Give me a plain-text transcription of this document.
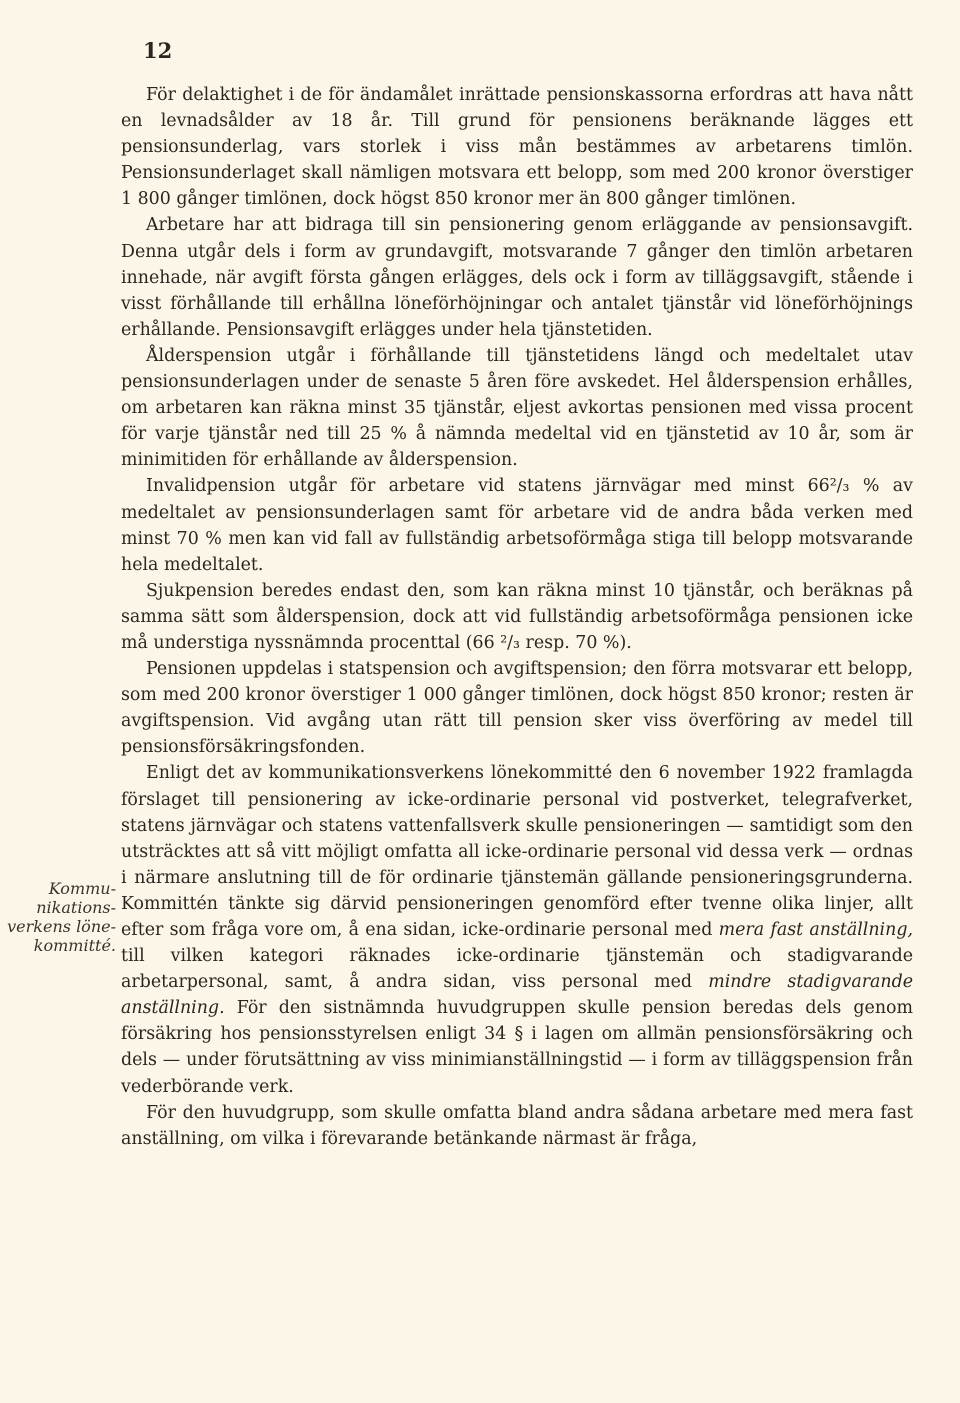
12
Kommu-nikations-verkens löne-kommitté.

För delaktighet i de för ändamålet inrättade pensionskassorna erfordras att hava nått en levnadsålder av 18 år. Till grund för pensionens beräknande lägges ett pensionsunderlag, vars storlek i viss mån bestämmes av arbetarens timlön. Pensionsunderlaget skall nämligen motsvara ett belopp, som med 200 kronor överstiger 1 800 gånger timlönen, dock högst 850 kronor mer än 800 gånger timlönen.

Arbetare har att bidraga till sin pensionering genom erläggande av pensionsavgift. Denna utgår dels i form av grundavgift, motsvarande 7 gånger den timlön arbetaren innehade, när avgift första gången erlägges, dels ock i form av tilläggsavgift, stående i visst förhållande till erhållna löneförhöjningar och antalet tjänstår vid löneförhöjnings erhållande. Pensionsavgift erlägges under hela tjänstetiden.

Ålderspension utgår i förhållande till tjänstetidens längd och medeltalet utav pensionsunderlagen under de senaste 5 åren före avskedet. Hel ålderspension erhålles, om arbetaren kan räkna minst 35 tjänstår, eljest avkortas pensionen med vissa procent för varje tjänstår ned till 25 % å nämnda medeltal vid en tjänstetid av 10 år, som är minimitiden för erhållande av ålderspension.

Invalidpension utgår för arbetare vid statens järnvägar med minst 66²/₃ % av medeltalet av pensionsunderlagen samt för arbetare vid de andra båda verken med minst 70 % men kan vid fall av fullständig arbetsoförmåga stiga till belopp motsvarande hela medeltalet.

Sjukpension beredes endast den, som kan räkna minst 10 tjänstår, och beräknas på samma sätt som ålderspension, dock att vid fullständig arbetsoförmåga pensionen icke må understiga nyssnämnda procenttal (66 ²/₃ resp. 70 %).

Pensionen uppdelas i statspension och avgiftspension; den förra motsvarar ett belopp, som med 200 kronor överstiger 1 000 gånger timlönen, dock högst 850 kronor; resten är avgiftspension. Vid avgång utan rätt till pension sker viss överföring av medel till pensionsförsäkringsfonden.

Enligt det av kommunikationsverkens lönekommitté den 6 november 1922 framlagda förslaget till pensionering av icke-ordinarie personal vid postverket, telegrafverket, statens järnvägar och statens vattenfallsverk skulle pensioneringen — samtidigt som den utsträcktes att så vitt möjligt omfatta all icke-ordinarie personal vid dessa verk — ordnas i närmare anslutning till de för ordinarie tjänstemän gällande pensioneringsgrunderna. Kommittén tänkte sig därvid pensioneringen genomförd efter tvenne olika linjer, allt efter som fråga vore om, å ena sidan, icke-ordinarie personal med mera fast anställning, till vilken kategori räknades icke-ordinarie tjänstemän och stadigvarande arbetarpersonal, samt, å andra sidan, viss personal med mindre stadigvarande anställning. För den sistnämnda huvudgruppen skulle pension beredas dels genom försäkring hos pensionsstyrelsen enligt 34 § i lagen om allmän pensionsförsäkring och dels — under förutsättning av viss minimianställningstid — i form av tilläggspension från vederbörande verk.

För den huvudgrupp, som skulle omfatta bland andra sådana arbetare med mera fast anställning, om vilka i förevarande betänkande närmast är fråga,
